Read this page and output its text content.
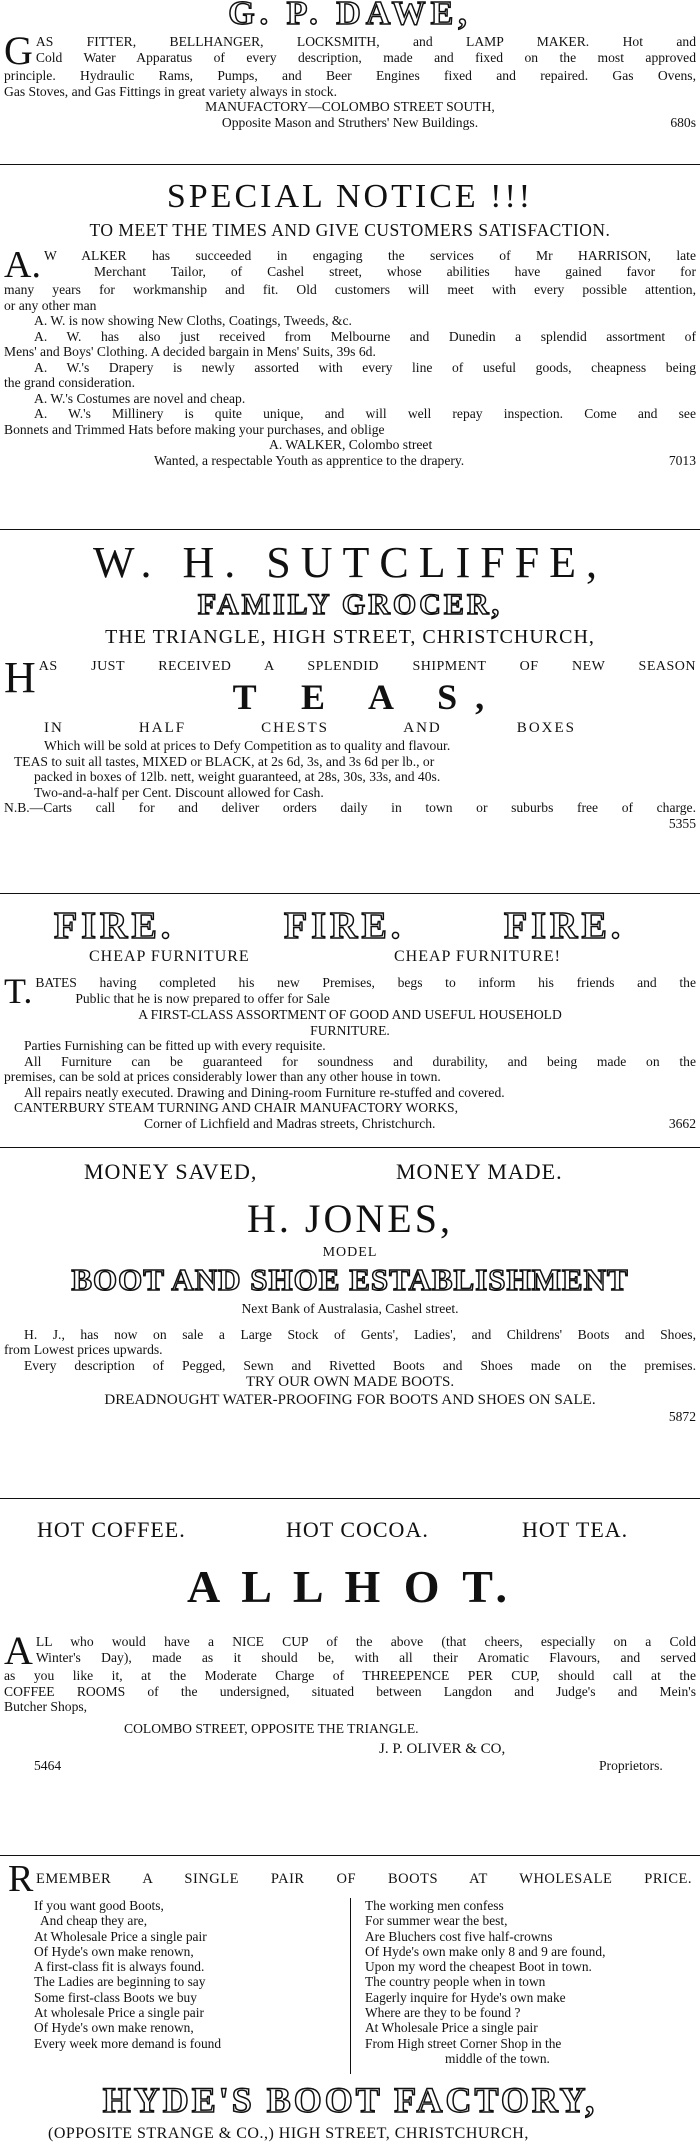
G. P. DAWE,
G AS FITTER, BELLHANGER, LOCKSMITH, and LAMP MAKER. Hot and
Cold Water Apparatus of every description, made and fixed on the most approved
principle. Hydraulic Rams, Pumps, and Beer Engines fixed and repaired. Gas Ovens,
Gas Stoves, and Gas Fittings in great variety always in stock.
MANUFACTORY—COLOMBO STREET SOUTH,
Opposite Mason and Struthers' New Buildings.	680s
SPECIAL NOTICE !!!
TO MEET THE TIMES AND GIVE CUSTOMERS SATISFACTION.
A. W ALKER has succeeded in engaging the services of Mr HARRISON, late
Merchant Tailor, of Cashel street, whose abilities have gained favor for
many years for workmanship and fit. Old customers will meet with every possible attention,
or any other man
A. W. is now showing New Cloths, Coatings, Tweeds, &c.
A. W. has also just received from Melbourne and Dunedin a splendid assortment of
Mens' and Boys' Clothing. A decided bargain in Mens' Suits, 39s 6d.
A. W.'s Drapery is newly assorted with every line of useful goods, cheapness being
the grand consideration.
A. W.'s Costumes are novel and cheap.
A. W.'s Millinery is quite unique, and will well repay inspection. Come and see
Bonnets and Trimmed Hats before making your purchases, and oblige
A. WALKER, Colombo street
Wanted, a respectable Youth as apprentice to the drapery.	7013
W. H. SUTCLIFFE,
FAMILY GROCER,
THE TRIANGLE, HIGH STREET, CHRISTCHURCH,
H AS JUST RECEIVED A SPLENDID SHIPMENT OF NEW SEASON
T E A S,
IN HALF CHESTS AND BOXES
Which will be sold at prices to Defy Competition as to quality and flavour.
TEAS to suit all tastes, MIXED or BLACK, at 2s 6d, 3s, and 3s 6d per lb., or
packed in boxes of 12lb. nett, weight guaranteed, at 28s, 30s, 33s, and 40s.
Two-and-a-half per Cent. Discount allowed for Cash.
N.B.—Carts call for and deliver orders daily in town or suburbs free of charge.
5355
FIRE.	FIRE.	FIRE.
CHEAP FURNITURE	CHEAP FURNITURE!
T. BATES having completed his new Premises, begs to inform his friends and the
Public that he is now prepared to offer for Sale
A FIRST-CLASS ASSORTMENT OF GOOD AND USEFUL HOUSEHOLD
FURNITURE.
Parties Furnishing can be fitted up with every requisite.
All Furniture can be guaranteed for soundness and durability, and being made on the
premises, can be sold at prices considerably lower than any other house in town.
All repairs neatly executed. Drawing and Dining-room Furniture re-stuffed and covered.
CANTERBURY STEAM TURNING AND CHAIR MANUFACTORY WORKS,
Corner of Lichfield and Madras streets, Christchurch.	3662
MONEY SAVED,	MONEY MADE.
H. JONES,
MODEL
BOOT AND SHOE ESTABLISHMENT
Next Bank of Australasia, Cashel street.
H. J., has now on sale a Large Stock of Gents', Ladies', and Childrens' Boots and Shoes,
from Lowest prices upwards.
Every description of Pegged, Sewn and Rivetted Boots and Shoes made on the premises.
TRY OUR OWN MADE BOOTS.
DREADNOUGHT WATER-PROOFING FOR BOOTS AND SHOES ON SALE.
5872
HOT COFFEE.	HOT COCOA.	HOT TEA.
A L L H O T.
A LL who would have a NICE CUP of the above (that cheers, especially on a Cold
Winter's Day), made as it should be, with all their Aromatic Flavours, and served
as you like it, at the Moderate Charge of THREEPENCE PER CUP, should call at the
COFFEE ROOMS of the undersigned, situated between Langdon and Judge's and Mein's
Butcher Shops,
COLOMBO STREET, OPPOSITE THE TRIANGLE.
J. P. OLIVER & CO,
5464	Proprietors.
R EMEMBER A SINGLE PAIR OF BOOTS AT WHOLESALE PRICE.
If you want good Boots,
And cheap they are,
At Wholesale Price a single pair
Of Hyde's own make renown,
A first-class fit is always found.
The Ladies are beginning to say
Some first-class Boots we buy
At wholesale Price a single pair
Of Hyde's own make renown,
Every week more demand is found
The working men confess
For summer wear the best,
Are Bluchers cost five half-crowns
Of Hyde's own make only 8 and 9 are found,
Upon my word the cheapest Boot in town.
The country people when in town
Eagerly inquire for Hyde's own make
Where are they to be found ?
At Wholesale Price a single pair
From High street Corner Shop in the
middle of the town.
HYDE'S BOOT FACTORY,
(OPPOSITE STRANGE & CO.,) HIGH STREET, CHRISTCHURCH,
